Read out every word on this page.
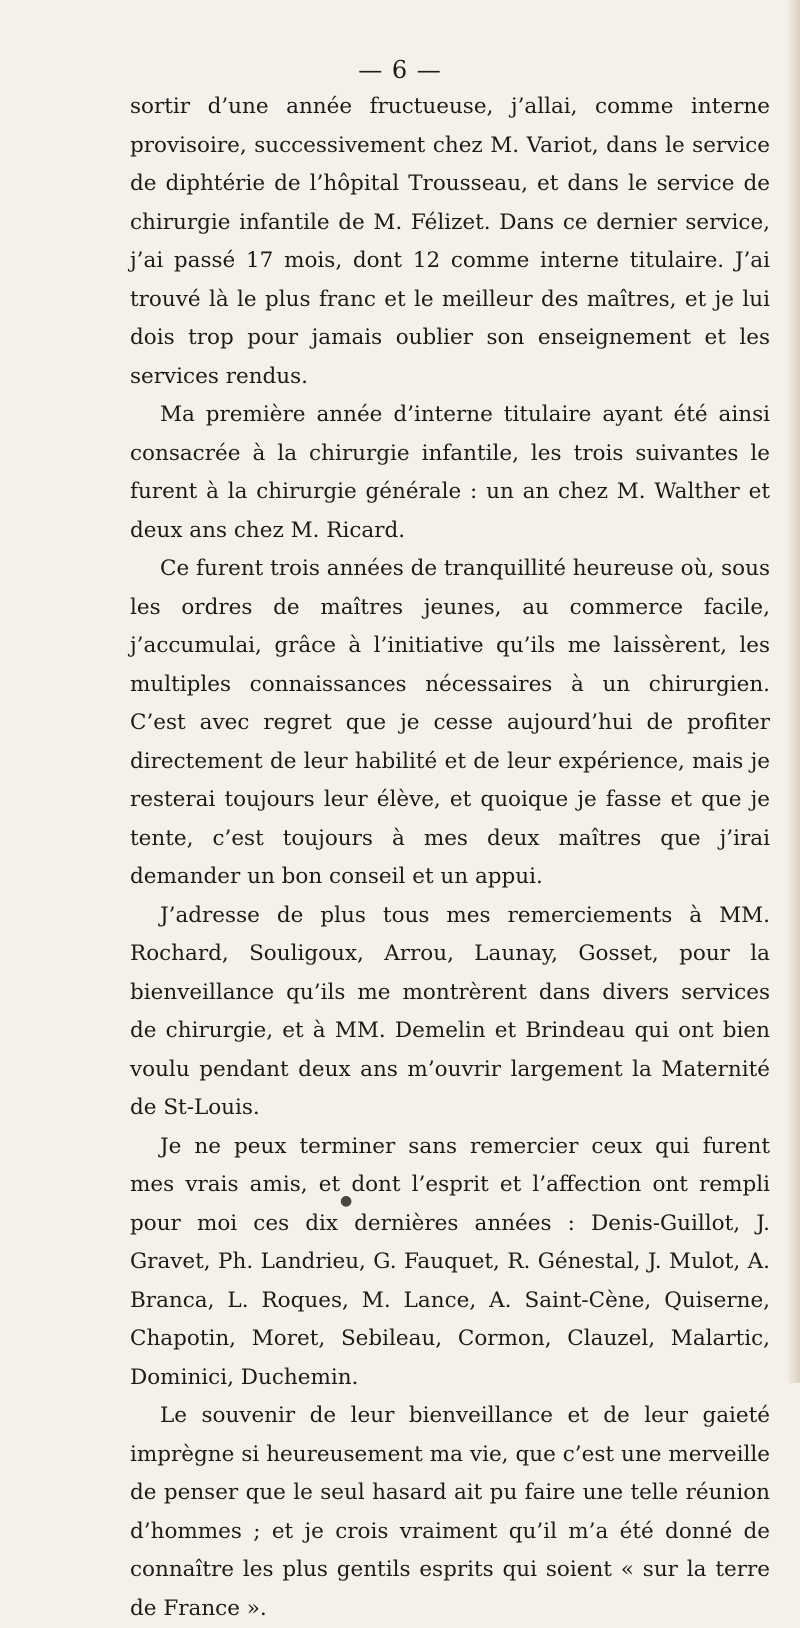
— 6 —

sortir d’une année fructueuse, j’allai, comme interne provisoire, successivement chez M. Variot, dans le service de diphtérie de l’hôpital Trousseau, et dans le service de chirurgie infantile de M. Félizet. Dans ce dernier service, j’ai passé 17 mois, dont 12 comme interne titulaire. J’ai trouvé là le plus franc et le meilleur des maîtres, et je lui dois trop pour jamais oublier son enseignement et les services rendus.

Ma première année d’interne titulaire ayant été ainsi consacrée à la chirurgie infantile, les trois suivantes le furent à la chirurgie générale : un an chez M. Walther et deux ans chez M. Ricard.

Ce furent trois années de tranquillité heureuse où, sous les ordres de maîtres jeunes, au commerce facile, j’accumulai, grâce à l’initiative qu’ils me laissèrent, les multiples connaissances nécessaires à un chirurgien. C’est avec regret que je cesse aujourd’hui de profiter directement de leur habilité et de leur expérience, mais je resterai toujours leur élève, et quoique je fasse et que je tente, c’est toujours à mes deux maîtres que j’irai demander un bon conseil et un appui.

J’adresse de plus tous mes remerciements à MM. Rochard, Souligoux, Arrou, Launay, Gosset, pour la bienveillance qu’ils me montrèrent dans divers services de chirurgie, et à MM. Demelin et Brindeau qui ont bien voulu pendant deux ans m’ouvrir largement la Maternité de St-Louis.

Je ne peux terminer sans remercier ceux qui furent mes vrais amis, et dont l’esprit et l’affection ont rempli pour moi ces dix dernières années : Denis-Guillot, J. Gravet, Ph. Landrieu, G. Fauquet, R. Génestal, J. Mulot, A. Branca, L. Roques, M. Lance, A. Saint-Cène, Quiserne, Chapotin, Moret, Sebileau, Cormon, Clauzel, Malartic, Dominici, Duchemin.

Le souvenir de leur bienveillance et de leur gaieté imprègne si heureusement ma vie, que c’est une merveille de penser que le seul hasard ait pu faire une telle réunion d’hommes ; et je crois vraiment qu’il m’a été donné de connaître les plus gentils esprits qui soient « sur la terre de France ».

●
